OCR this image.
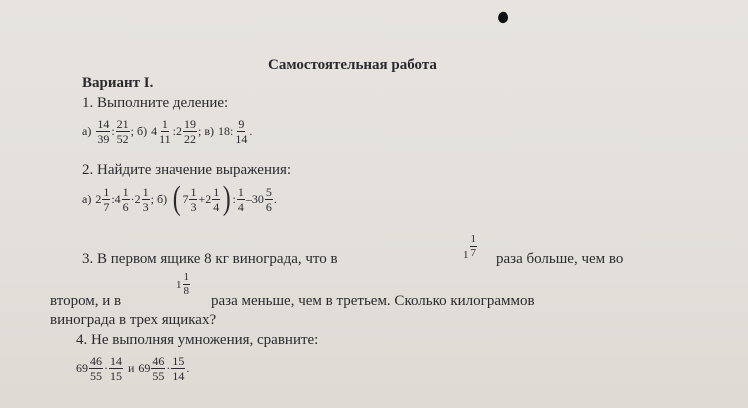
Самостоятельная работа
Вариант I.
1. Выполните деление:
$а) \frac{14}{39}$ : $\frac{21}{52}$ ; б) $4 \frac{1}{11}$ : $2 \frac{19}{22}$ ; в) 18 : $\frac{9}{14}$ .
2. Найдите значение выражения:
а) $2 \frac{1}{7}$ : $4 \frac{1}{6} \cdot 2 \frac{1}{3}$ ; б) ( $7 \frac{1}{3} + 2 \frac{1}{4}$ ) : $\frac{1}{4} - 30 \frac{5}{6}$ .
3. В первом ящике 8 кг винограда, что в	$1 \frac{1}{7}$
раза больше, чем во
втором, и в
$1 \frac{1}{8}$
раза меньше, чем в третьем. Сколько килограммов
винограда в трех ящиках?
4. Не выполняя умножения, сравните:
$69 \frac{46}{55} \cdot \frac{14}{15}$ и $69 \frac{46}{55} \cdot \frac{15}{14}$ .
